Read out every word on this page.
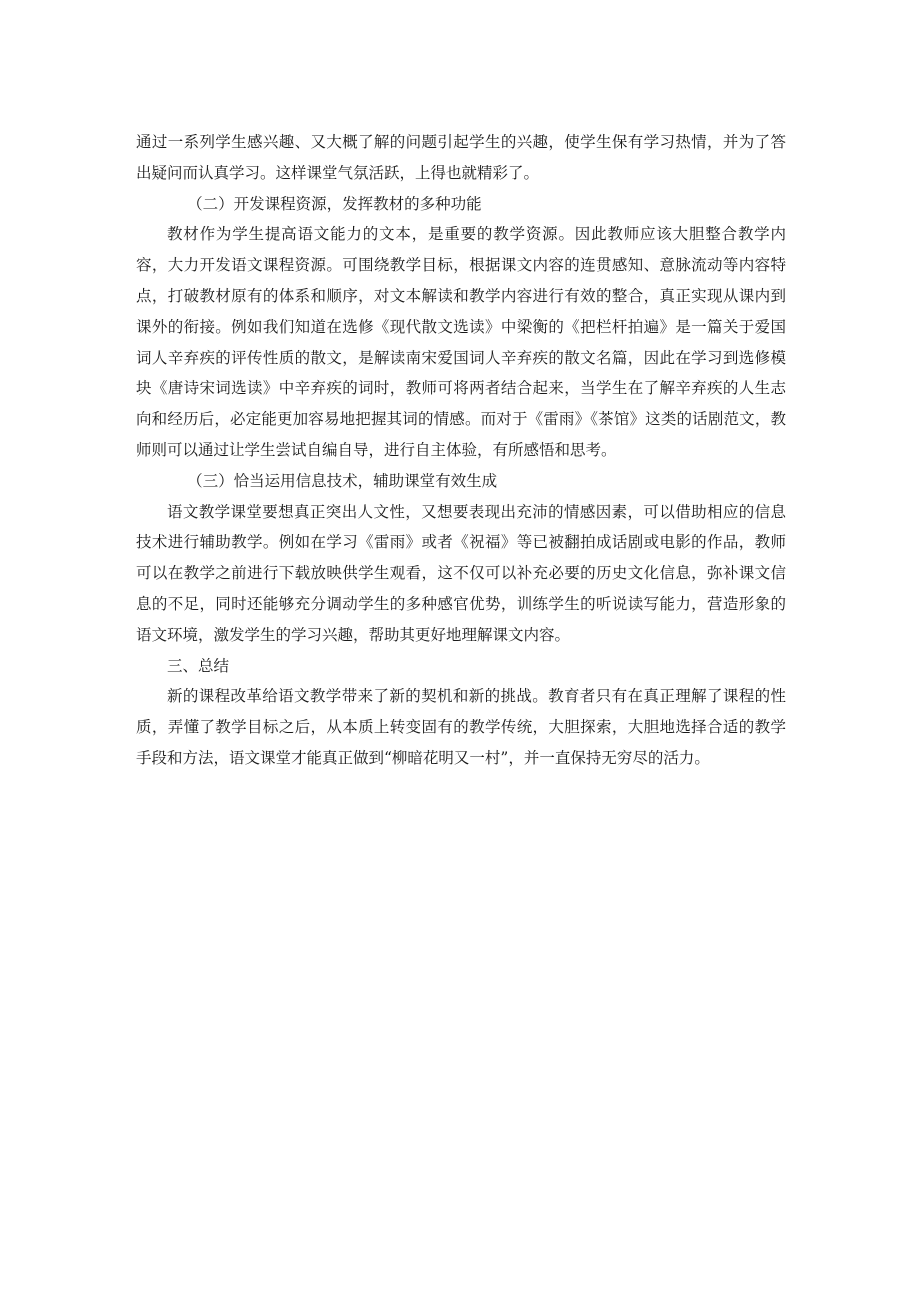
通过一系列学生感兴趣、又大概了解的问题引起学生的兴趣，使学生保有学习热情，并为了答出疑问而认真学习。这样课堂气氛活跃，上得也就精彩了。

（二）开发课程资源，发挥教材的多种功能

教材作为学生提高语文能力的文本，是重要的教学资源。因此教师应该大胆整合教学内容，大力开发语文课程资源。可围绕教学目标，根据课文内容的连贯感知、意脉流动等内容特点，打破教材原有的体系和顺序，对文本解读和教学内容进行有效的整合，真正实现从课内到课外的衔接。例如我们知道在选修《现代散文选读》中梁衡的《把栏杆拍遍》是一篇关于爱国词人辛弃疾的评传性质的散文，是解读南宋爱国词人辛弃疾的散文名篇，因此在学习到选修模块《唐诗宋词选读》中辛弃疾的词时，教师可将两者结合起来，当学生在了解辛弃疾的人生志向和经历后，必定能更加容易地把握其词的情感。而对于《雷雨》《茶馆》这类的话剧范文，教师则可以通过让学生尝试自编自导，进行自主体验，有所感悟和思考。

（三）恰当运用信息技术，辅助课堂有效生成

语文教学课堂要想真正突出人文性，又想要表现出充沛的情感因素，可以借助相应的信息技术进行辅助教学。例如在学习《雷雨》或者《祝福》等已被翻拍成话剧或电影的作品，教师可以在教学之前进行下载放映供学生观看，这不仅可以补充必要的历史文化信息，弥补课文信息的不足，同时还能够充分调动学生的多种感官优势，训练学生的听说读写能力，营造形象的语文环境，激发学生的学习兴趣，帮助其更好地理解课文内容。

三、总结

新的课程改革给语文教学带来了新的契机和新的挑战。教育者只有在真正理解了课程的性质，弄懂了教学目标之后，从本质上转变固有的教学传统，大胆探索，大胆地选择合适的教学手段和方法，语文课堂才能真正做到“柳暗花明又一村”，并一直保持无穷尽的活力。
